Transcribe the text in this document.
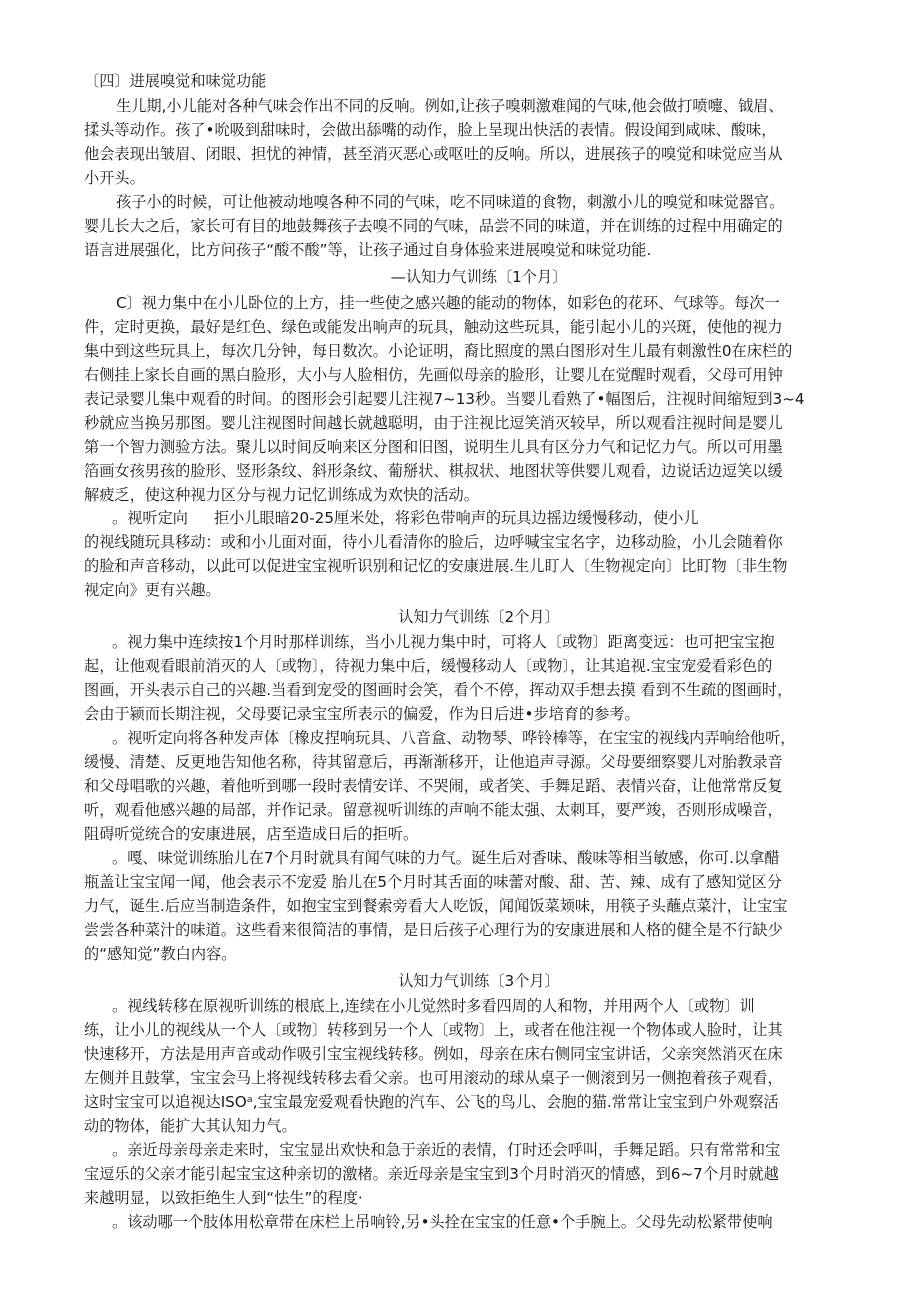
〔四〕进展嗅觉和味觉功能
生儿期,小儿能对各种气味会作出不同的反响。例如,让孩子嗅刺激难闻的气味,他会做打喷嚏、钺眉、
揉头等动作。孩了•吮吸到甜味时，会做出舔嘴的动作，脸上呈现出快活的表情。假设闻到咸味、酸味，
他会表现出皱眉、闭眼、担忧的神情，甚至消灭恶心或呕吐的反响。所以，进展孩子的嗅觉和味觉应当从
小开头。
孩子小的时候，可让他被动地嗅各种不同的气味，吃不同味道的食物，刺激小儿的嗅觉和味觉器官。
婴儿长大之后，家长可有目的地鼓舞孩子去嗅不同的气味，品尝不同的味道，并在训练的过程中用确定的
语言进展强化，比方问孩子“酸不酸”等，让孩子通过自身体验来进展嗅觉和味觉功能.
—认知力气训练〔1个月〕
C〕视力集中在小儿卧位的上方，挂一些使之感兴趣的能动的物体，如彩色的花环、气球等。每次一
件，定时更换，最好是红色、绿色或能发出响声的玩具，触动这些玩具，能引起小儿的兴斑，使他的视力
集中到这些玩具上，每次几分钟，每日数次。小论证明，裔比照度的黑白图形对生儿最有刺激性0在床栏的
右侧挂上家长自画的黑白脸形，大小与人脸相仿，先画似母亲的脸形，让婴儿在觉醒时观看，父母可用钟
表记录婴儿集中观看的时间。的图形会引起婴儿注视7~13秒。当婴儿看熟了•幅图后，注视时间缩短到3~4
秒就应当换另那图。婴儿注视图时间越长就越聪明，由于注视比逗笑消灭较早，所以观看注视时间是婴儿
第一个智力测验方法。聚儿以时间反响来区分图和旧图，说明生儿具有区分力气和记忆力气。所以可用墨
箔画女孩男孩的脸形、竖形条纹、斜形条纹、葡掰状、棋叔状、地图状等供婴儿观看，边说话边逗笑以缓
解疲乏，使这种视力区分与视力记忆训练成为欢快的活动。
。视听定向 拒小儿眼暗20-25厘米处，将彩色带响声的玩具边摇边缓慢移动，使小儿
的视线随玩具移动：或和小儿面对面，待小儿看清你的脸后，边呼喊宝宝名字，边移动脸，小儿会随着你
的脸和声音移动，以此可以促进宝宝视听识别和记忆的安康进展.生儿盯人〔生物视定向〕比盯物〔非生物
视定向》更有兴趣。
认知力气训练〔2个月〕
。视力集中连续按1个月时那样训练，当小儿视力集中时，可将人〔或物〕距离变远：也可把宝宝抱
起，让他观看眼前消灭的人〔或物〕，待视力集中后，缓慢移动人〔或物〕，让其追视.宝宝宠爱看彩色的
图画，开头表示自己的兴趣.当看到宠受的图画时会笑，看个不停，挥动双手想去摸 看到不生疏的图画时，
会由于颍而长期注视，父母要记录宝宝所表示的偏爱，作为日后进•步培育的参考。
。视听定向将各种发声体〔橡皮捏响玩具、八音盒、动物琴、哗铃棒等，在宝宝的视线内弄响给他听，
缓慢、清楚、反更地告知他名称，待其留意后，再渐渐移开，让他追声寻源。父母要细察婴儿对胎教录音
和父母唱歌的兴趣，着他听到哪一段时表情安详、不哭闹，或者笑、手舞足蹈、表情兴奋，让他常常反复
听，观看他感兴趣的局部，并作记录。留意视听训练的声响不能太强、太刺耳，要严竣，否则形成噪音，
阻碍听觉统合的安康进展，店至造成日后的拒听。
。嘎、味觉训练胎儿在7个月时就具有闻气味的力气。诞生后对香味、酸味等相当敏感，你可.以拿醋
瓶盖让宝宝闻一闻，他会表示不宠爱 胎儿在5个月时其舌面的味蕾对酸、甜、苦、辣、成有了感知觉区分
力气，诞生.后应当制造条件，如抱宝宝到餐索旁看大人吃饭，闻闻饭菜𫠆味，用筷子头蘸点菜汁，让宝宝
尝尝各种菜汁的味道。这些看来很简洁的事情，是日后孩子心理行为的安康进展和人格的健全是不行缺少
的“感知觉”教白内容。
认知力气训练〔3个月〕
。视线转移在原视听训练的根底上,连续在小儿觉然时多看四周的人和物，并用两个人〔或物〕训
练，让小儿的视线从一个人〔或物〕转移到另一个人〔或物〕上，或者在他注视一个物体或人脸时，让其
快速移开，方法是用声音或动作吸引宝宝视线转移。例如，母亲在床右侧同宝宝讲话，父亲突然消灭在床
左侧并且鼓掌，宝宝会马上将视线转移去看父亲。也可用滚动的球从桌子一侧滚到另一侧抱着孩子观看，
这时宝宝可以追视达ISOᵃ,宝宝最宠爱观看快跑的汽车、公飞的鸟儿、会胞的猫.常常让宝宝到户外观察活
动的物体，能扩大其认知力气。
。亲近母亲母亲走来时，宝宝显出欢快和急于亲近的表情，仃时还会呼叫，手舞足蹈。只有常常和宝
宝逗乐的父亲才能引起宝宝这种亲切的激楮。亲近母亲是宝宝到3个月时消灭的情感，到6~7个月时就越
来越明显，以致拒绝生人到“怯生”的程度·
。该动哪一个肢体用松章带在床栏上吊响铃,另•头拴在宝宝的任意•个手腕上。父母先动松紧带使响
